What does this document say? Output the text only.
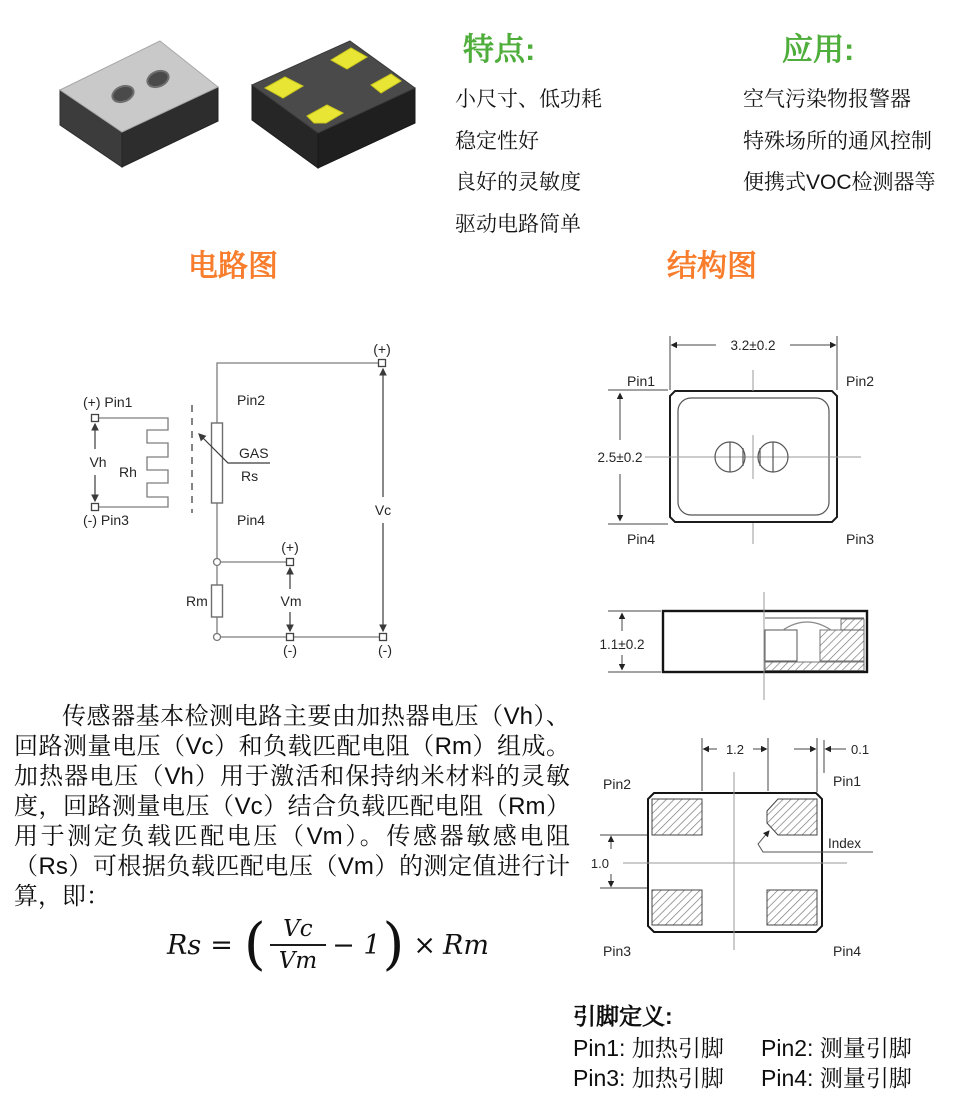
特点:
小尺寸、低功耗
稳定性好
良好的灵敏度
驱动电路简单
应用:
空气污染物报警器
特殊场所的通风控制
便携式VOC检测器等
电路图	结构图
(+)
(+) Pin1
(-) Pin3
Vh
Rh
Pin2
GAS
Rs
Pin4
(+)
Vm
Rm
Vc
(-)	(-)
3.2±0.2
2.5±0.2
Pin1	Pin2
Pin4	Pin3
1.1±0.2
1.2	0.1
1.0
Index
Pin2	Pin1
Pin3	Pin4
传感器基本检测电路主要由加热器电压（Vh）、回路测量电压（Vc）和负载匹配电阻（Rm）组成。加热器电压（Vh）用于激活和保持纳米材料的灵敏度，回路测量电压（Vc）结合负载匹配电阻（Rm）用于测定负载匹配电压（Vm）。传感器敏感电阻（Rs）可根据负载匹配电压（Vm）的测定值进行计算，即：
Rs = ( $\frac{Vc}{Vm} - 1$ ) × Rm
引脚定义:
Pin1: 加热引脚	Pin2: 测量引脚
Pin3: 加热引脚	Pin4: 测量引脚
